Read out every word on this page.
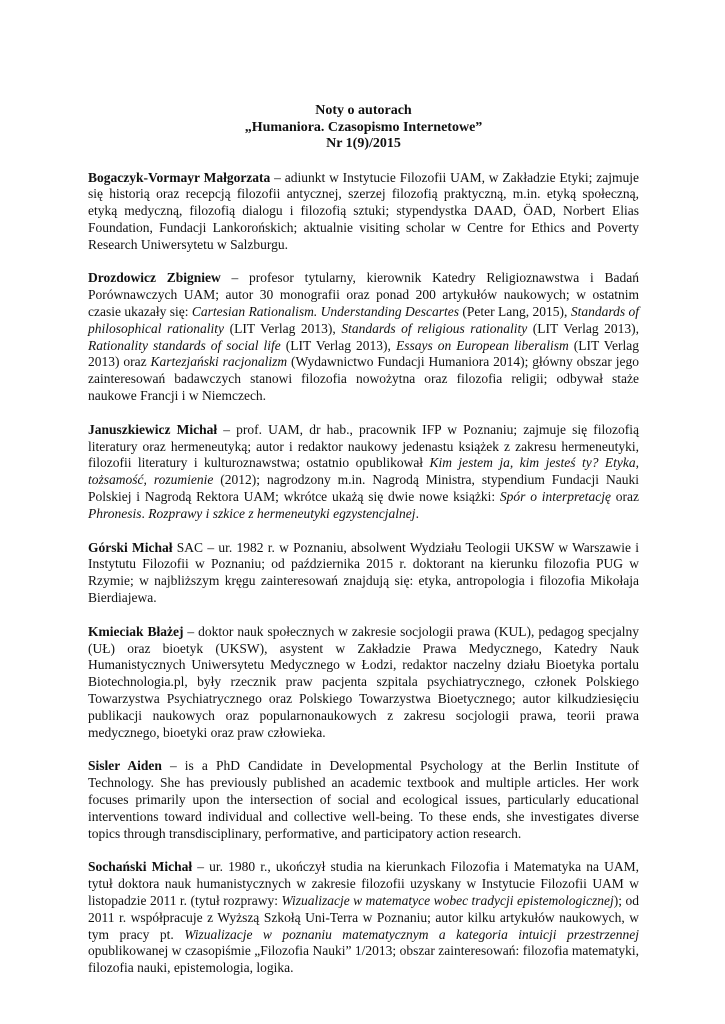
Noty o autorach
„Humaniora. Czasopismo Internetowe”
Nr 1(9)/2015

Bogaczyk-Vormayr Małgorzata – adiunkt w Instytucie Filozofii UAM, w Zakładzie Etyki; zajmuje się historią oraz recepcją filozofii antycznej, szerzej filozofią praktyczną, m.in. etyką społeczną, etyką medyczną, filozofią dialogu i filozofią sztuki; stypendystka DAAD, ÖAD, Norbert Elias Foundation, Fundacji Lankorońskich; aktualnie visiting scholar w Centre for Ethics and Poverty Research Uniwersytetu w Salzburgu.

Drozdowicz Zbigniew – profesor tytularny, kierownik Katedry Religioznawstwa i Badań Porównawczych UAM; autor 30 monografii oraz ponad 200 artykułów naukowych; w ostatnim czasie ukazały się: Cartesian Rationalism. Understanding Descartes (Peter Lang, 2015), Standards of philosophical rationality (LIT Verlag 2013), Standards of religious rationality (LIT Verlag 2013), Rationality standards of social life (LIT Verlag 2013), Essays on European liberalism (LIT Verlag 2013) oraz Kartezjański racjonalizm (Wydawnictwo Fundacji Humaniora 2014); główny obszar jego zainteresowań badawczych stanowi filozofia nowożytna oraz filozofia religii; odbywał staże naukowe Francji i w Niemczech.

Januszkiewicz Michał – prof. UAM, dr hab., pracownik IFP w Poznaniu; zajmuje się filozofią literatury oraz hermeneutyką; autor i redaktor naukowy jedenastu książek z zakresu hermeneutyki, filozofii literatury i kulturoznawstwa; ostatnio opublikował Kim jestem ja, kim jesteś ty? Etyka, tożsamość, rozumienie (2012); nagrodzony m.in. Nagrodą Ministra, stypendium Fundacji Nauki Polskiej i Nagrodą Rektora UAM; wkrótce ukażą się dwie nowe książki: Spór o interpretację oraz Phronesis. Rozprawy i szkice z hermeneutyki egzystencjalnej.

Górski Michał SAC – ur. 1982 r. w Poznaniu, absolwent Wydziału Teologii UKSW w Warszawie i Instytutu Filozofii w Poznaniu; od października 2015 r. doktorant na kierunku filozofia PUG w Rzymie; w najbliższym kręgu zainteresowań znajdują się: etyka, antropologia i filozofia Mikołaja Bierdiajewa.

Kmieciak Błażej – doktor nauk społecznych w zakresie socjologii prawa (KUL), pedagog specjalny (UŁ) oraz bioetyk (UKSW), asystent w Zakładzie Prawa Medycznego, Katedry Nauk Humanistycznych Uniwersytetu Medycznego w Łodzi, redaktor naczelny działu Bioetyka portalu Biotechnologia.pl, były rzecznik praw pacjenta szpitala psychiatrycznego, członek Polskiego Towarzystwa Psychiatrycznego oraz Polskiego Towarzystwa Bioetycznego; autor kilkudziesięciu publikacji naukowych oraz popularnonaukowych z zakresu socjologii prawa, teorii prawa medycznego, bioetyki oraz praw człowieka.

Sisler Aiden – is a PhD Candidate in Developmental Psychology at the Berlin Institute of Technology. She has previously published an academic textbook and multiple articles. Her work focuses primarily upon the intersection of social and ecological issues, particularly educational interventions toward individual and collective well-being. To these ends, she investigates diverse topics through transdisciplinary, performative, and participatory action research.

Sochański Michał – ur. 1980 r., ukończył studia na kierunkach Filozofia i Matematyka na UAM, tytuł doktora nauk humanistycznych w zakresie filozofii uzyskany w Instytucie Filozofii UAM w listopadzie 2011 r. (tytuł rozprawy: Wizualizacje w matematyce wobec tradycji epistemologicznej); od 2011 r. współpracuje z Wyższą Szkołą Uni-Terra w Poznaniu; autor kilku artykułów naukowych, w tym pracy pt. Wizualizacje w poznaniu matematycznym a kategoria intuicji przestrzennej opublikowanej w czasopiśmie „Filozofia Nauki” 1/2013; obszar zainteresowań: filozofia matematyki, filozofia nauki, epistemologia, logika.
